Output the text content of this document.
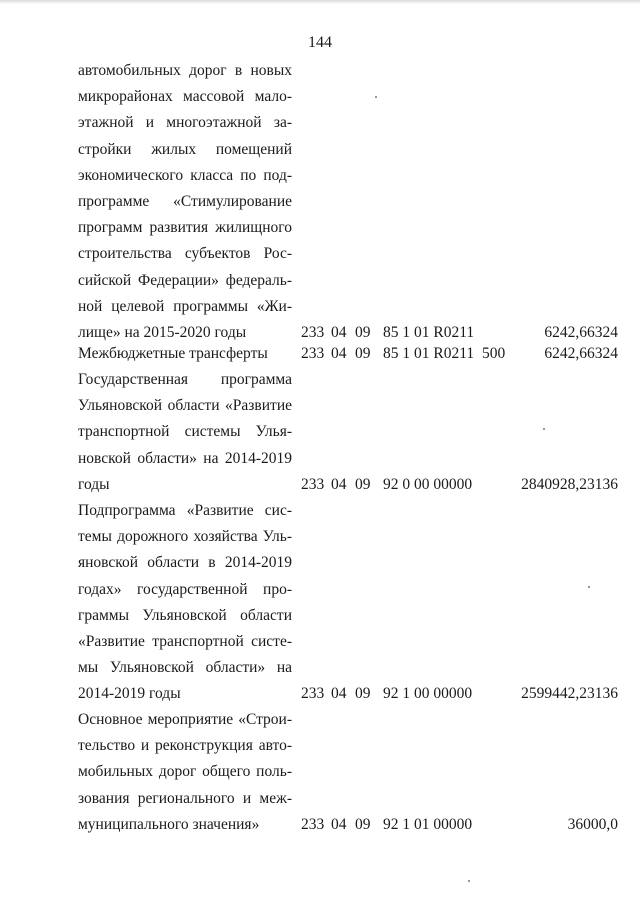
144
автомобильных дорог в новых
микрорайонах массовой мало-
этажной и многоэтажной за-
стройки жилых помещений
экономического класса по под-
программе «Стимулирование
программ развития жилищного
строительства субъектов Рос-
сийской Федерации» федераль-
ной целевой программы «Жи-
лище» на 2015-2020 годы	233 04 09 85 1 01 R0211	6242,66324
Межбюджетные трансферты	233 04 09 85 1 01 R0211 500	6242,66324
Государственная программа
Ульяновской области «Развитие
транспортной системы Улья-
новской области» на 2014-2019
годы	233 04 09 92 0 00 00000	2840928,23136
Подпрограмма «Развитие сис-
темы дорожного хозяйства Уль-
яновской области в 2014-2019
годах» государственной про-
граммы Ульяновской области
«Развитие транспортной систе-
мы Ульяновской области» на
2014-2019 годы	233 04 09 92 1 00 00000	2599442,23136
Основное мероприятие «Строи-
тельство и реконструкция авто-
мобильных дорог общего поль-
зования регионального и меж-
муниципального значения»	233 04 09 92 1 01 00000	36000,0
